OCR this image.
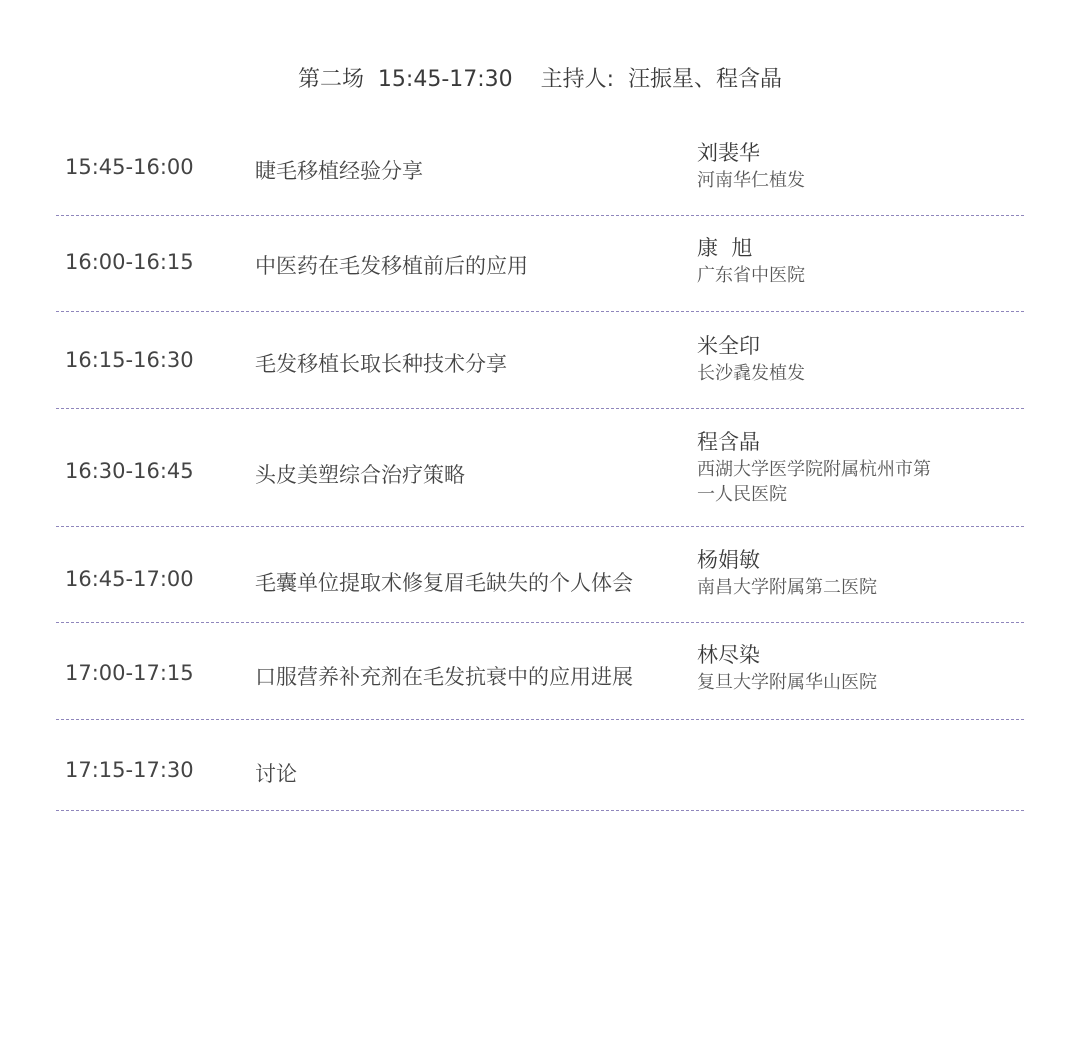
第二场  15:45-17:30    主持人:  汪振星、程含晶
15:45-16:00	睫毛移植经验分享
刘裴华
河南华仁植发
16:00-16:15	中医药在毛发移植前后的应用
康  旭
广东省中医院
16:15-16:30	毛发移植长取长种技术分享
米全印
长沙毳发植发
16:30-16:45	头皮美塑综合治疗策略
程含晶
西湖大学医学院附属杭州市第一人民医院
16:45-17:00	毛囊单位提取术修复眉毛缺失的个人体会
杨娟敏
南昌大学附属第二医院
17:00-17:15	口服营养补充剂在毛发抗衰中的应用进展
林尽染
复旦大学附属华山医院
17:15-17:30	讨论
